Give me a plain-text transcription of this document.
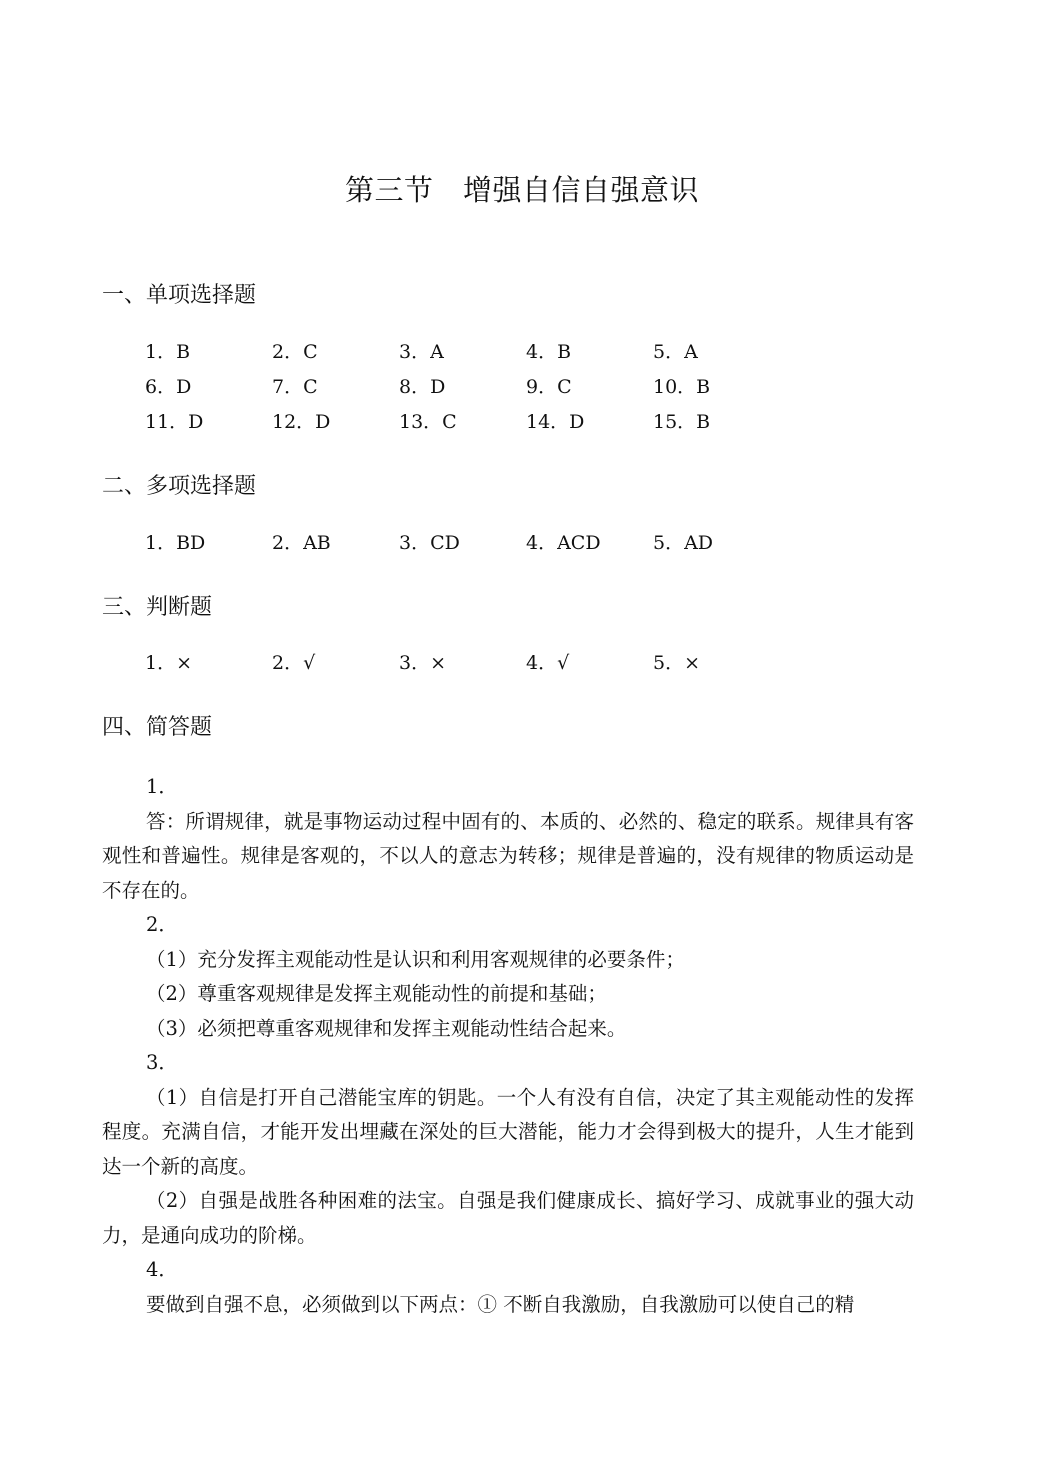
第三节　增强自信自强意识
一、单项选择题
1．B	2．C	3．A	4．B	5．A
6．D	7．C	8．D	9．C	10．B
11．D	12．D	13．C	14．D	15．B
二、多项选择题
1．BD	2．AB	3．CD	4．ACD	5．AD
三、判断题
1．×	2．√	3．×	4．√	5．×
四、简答题

1．

答：所谓规律，就是事物运动过程中固有的、本质的、必然的、稳定的联系。规律具有客观性和普遍性。规律是客观的，不以人的意志为转移；规律是普遍的，没有规律的物质运动是不存在的。

2．

（1）充分发挥主观能动性是认识和利用客观规律的必要条件；

（2）尊重客观规律是发挥主观能动性的前提和基础；

（3）必须把尊重客观规律和发挥主观能动性结合起来。

3．

（1）自信是打开自己潜能宝库的钥匙。一个人有没有自信，决定了其主观能动性的发挥程度。充满自信，才能开发出埋藏在深处的巨大潜能，能力才会得到极大的提升，人生才能到达一个新的高度。

（2）自强是战胜各种困难的法宝。自强是我们健康成长、搞好学习、成就事业的强大动力，是通向成功的阶梯。

4．

要做到自强不息，必须做到以下两点：① 不断自我激励，自我激励可以使自己的精
